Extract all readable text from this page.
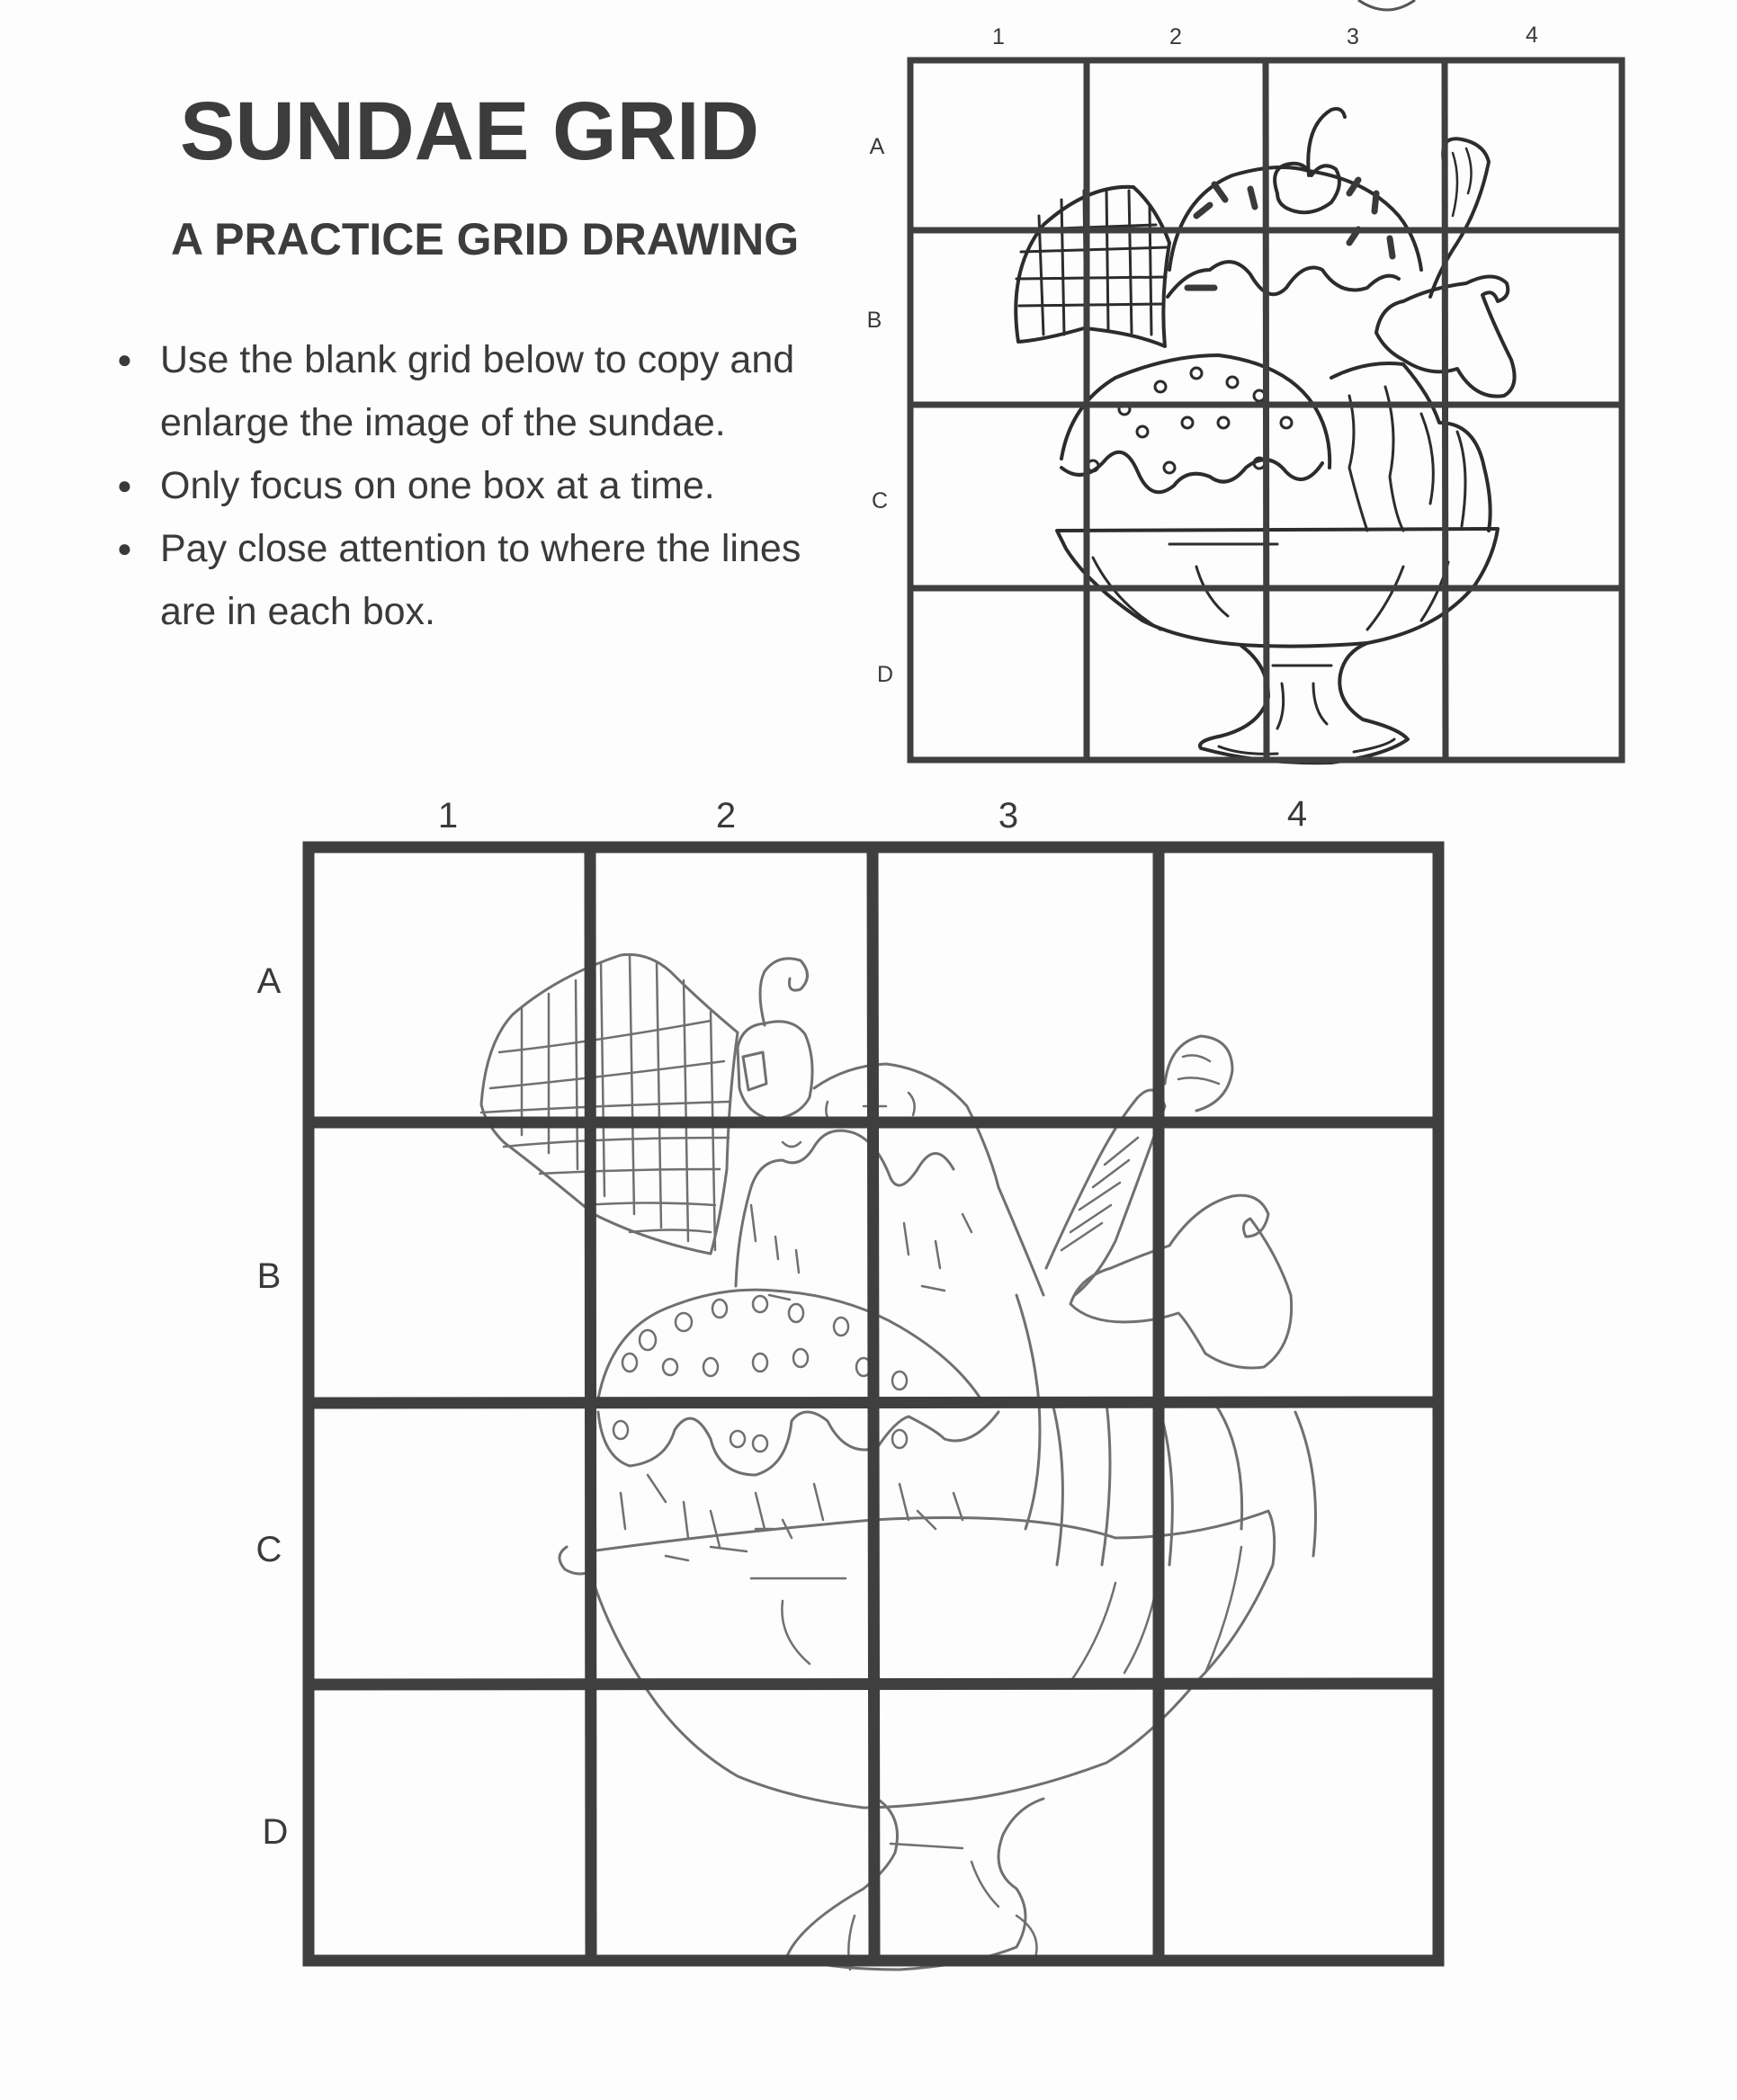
SUNDAE GRID
A PRACTICE GRID DRAWING
● Use the blank grid below to copy and enlarge the image of the sundae.
● Only focus on one box at a time.
● Pay close attention to where the lines are in each box.
1	2	3	4
A
B
C
D
1	2	3	4
A
B
C
D
